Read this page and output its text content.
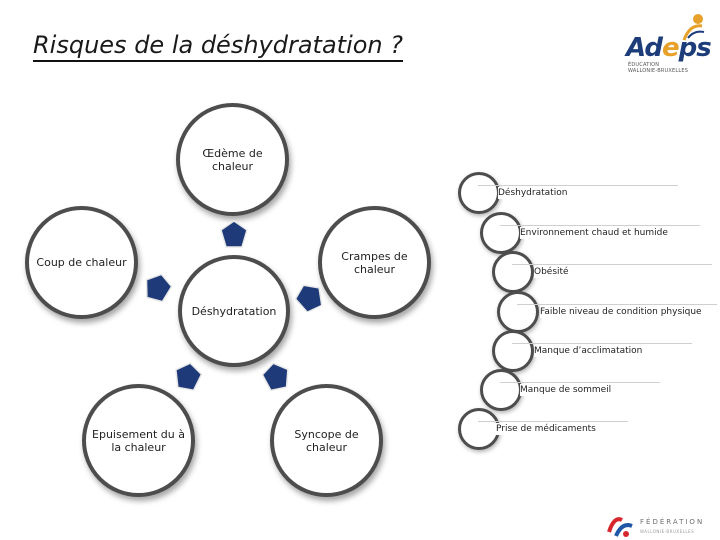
Risques de la déshydratation ?	Adeps
ÉDUCATION
WALLONIE-BRUXELLES
Œdème de chaleur
Crampes de chaleur
Déshydratation
Coup de chaleur
Epuisement du à la chaleur
Syncope de chaleur
Déshydratation
Environnement chaud et humide
Obésité
Faible niveau de condition physique
Manque d’acclimatation
Manque de sommeil
Prise de médicaments
FÉDÉRATION
WALLONIE-BRUXELLES
